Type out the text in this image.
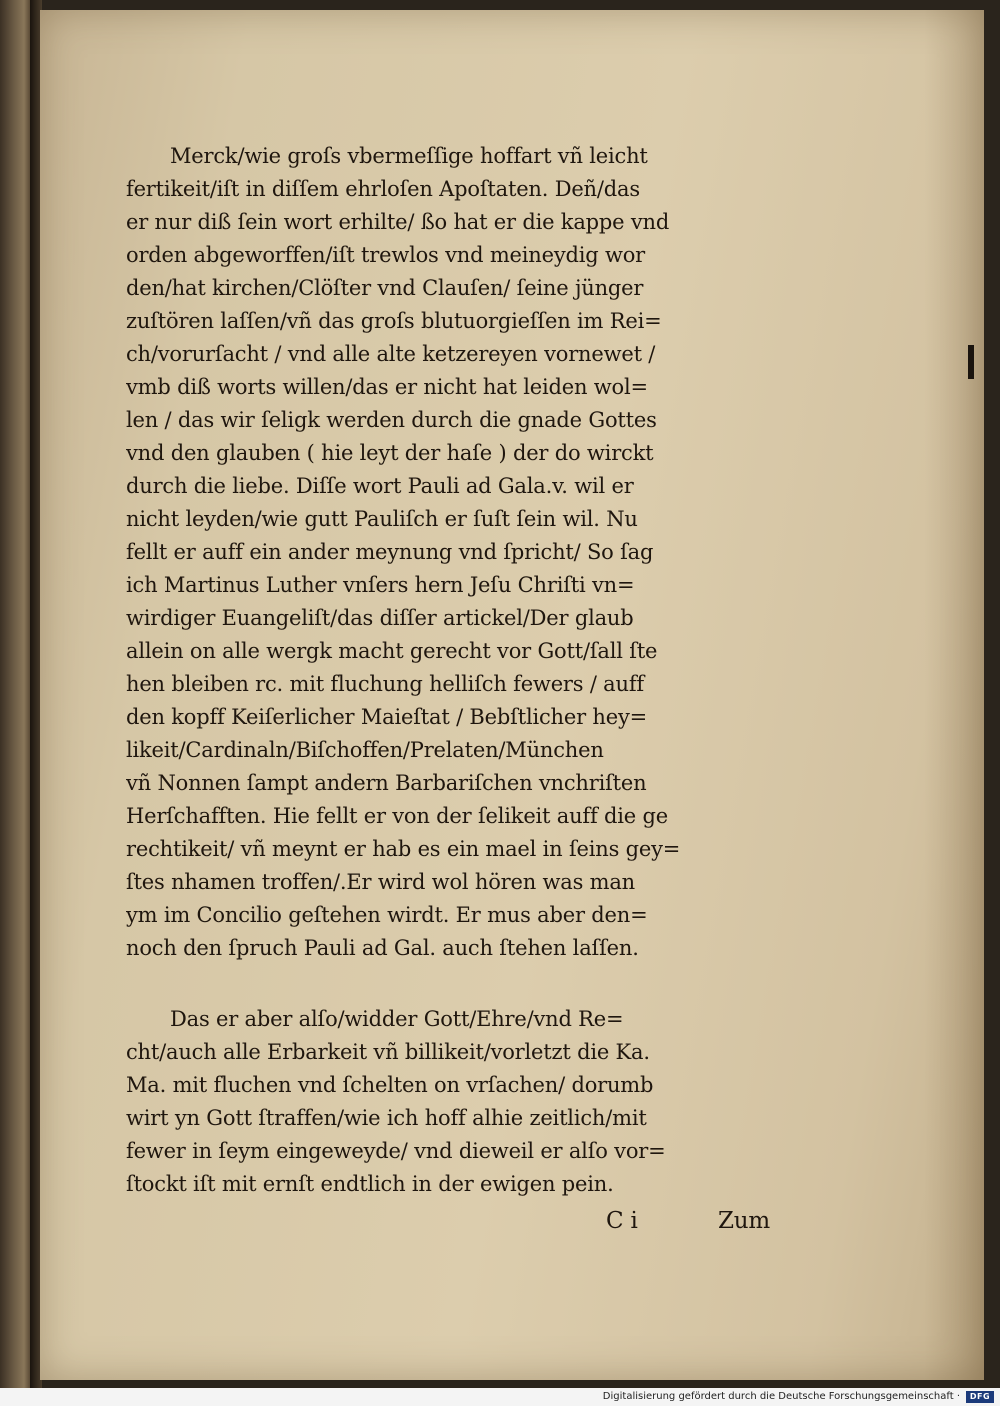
Merck/wie groſs vbermeſſige hoffart vñ leicht
fertikeit/iſt in diſſem ehrloſen Apoſtaten. Deñ/das
er nur diß ſein wort erhilte/ ßo hat er die kappe vnd
orden abgeworffen/iſt trewlos vnd meineydig wor
den/hat kirchen/Clöſter vnd Clauſen/ ſeine jünger
zuſtören laſſen/vñ das groſs blutuorgieſſen im Rei=
ch/vorurſacht / vnd alle alte ketzereyen vornewet /
vmb diß worts willen/das er nicht hat leiden wol=
len / das wir ſeligk werden durch die gnade Gottes
vnd den glauben ( hie leyt der haſe ) der do wirckt
durch die liebe. Diſſe wort Pauli ad Gala.v. wil er
nicht leyden/wie gutt Pauliſch er ſuſt ſein wil. Nu
fellt er auff ein ander meynung vnd ſpricht/ So ſag
ich Martinus Luther vnſers hern Jeſu Chriſti vn=
wirdiger Euangeliſt/das diſſer artickel/Der glaub
allein on alle wergk macht gerecht vor Gott/ſall ſte
hen bleiben rc. mit fluchung helliſch fewers / auff
den kopff Keiſerlicher Maieſtat / Bebſtlicher hey=
likeit/Cardinaln/Biſchoffen/Prelaten/München
vñ Nonnen ſampt andern Barbariſchen vnchriſten
Herſchafften. Hie fellt er von der ſelikeit auff die ge
rechtikeit/ vñ meynt er hab es ein mael in ſeins gey=
ſtes nhamen troffen/.Er wird wol hören was man
ym im Concilio geſtehen wirdt. Er mus aber den=
noch den ſpruch Pauli ad Gal. auch ſtehen laſſen.
Das er aber alſo/widder Gott/Ehre/vnd Re=
cht/auch alle Erbarkeit vñ billikeit/vorletzt die Ka.
Ma. mit fluchen vnd ſchelten on vrſachen/ dorumb
wirt yn Gott ſtraffen/wie ich hoff alhie zeitlich/mit
fewer in ſeym eingeweyde/ vnd dieweil er alſo vor=
ſtockt iſt mit ernſt endtlich in der ewigen pein.
C i	Zum
Digitalisierung gefördert durch die Deutsche Forschungsgemeinschaft ·	DFG
